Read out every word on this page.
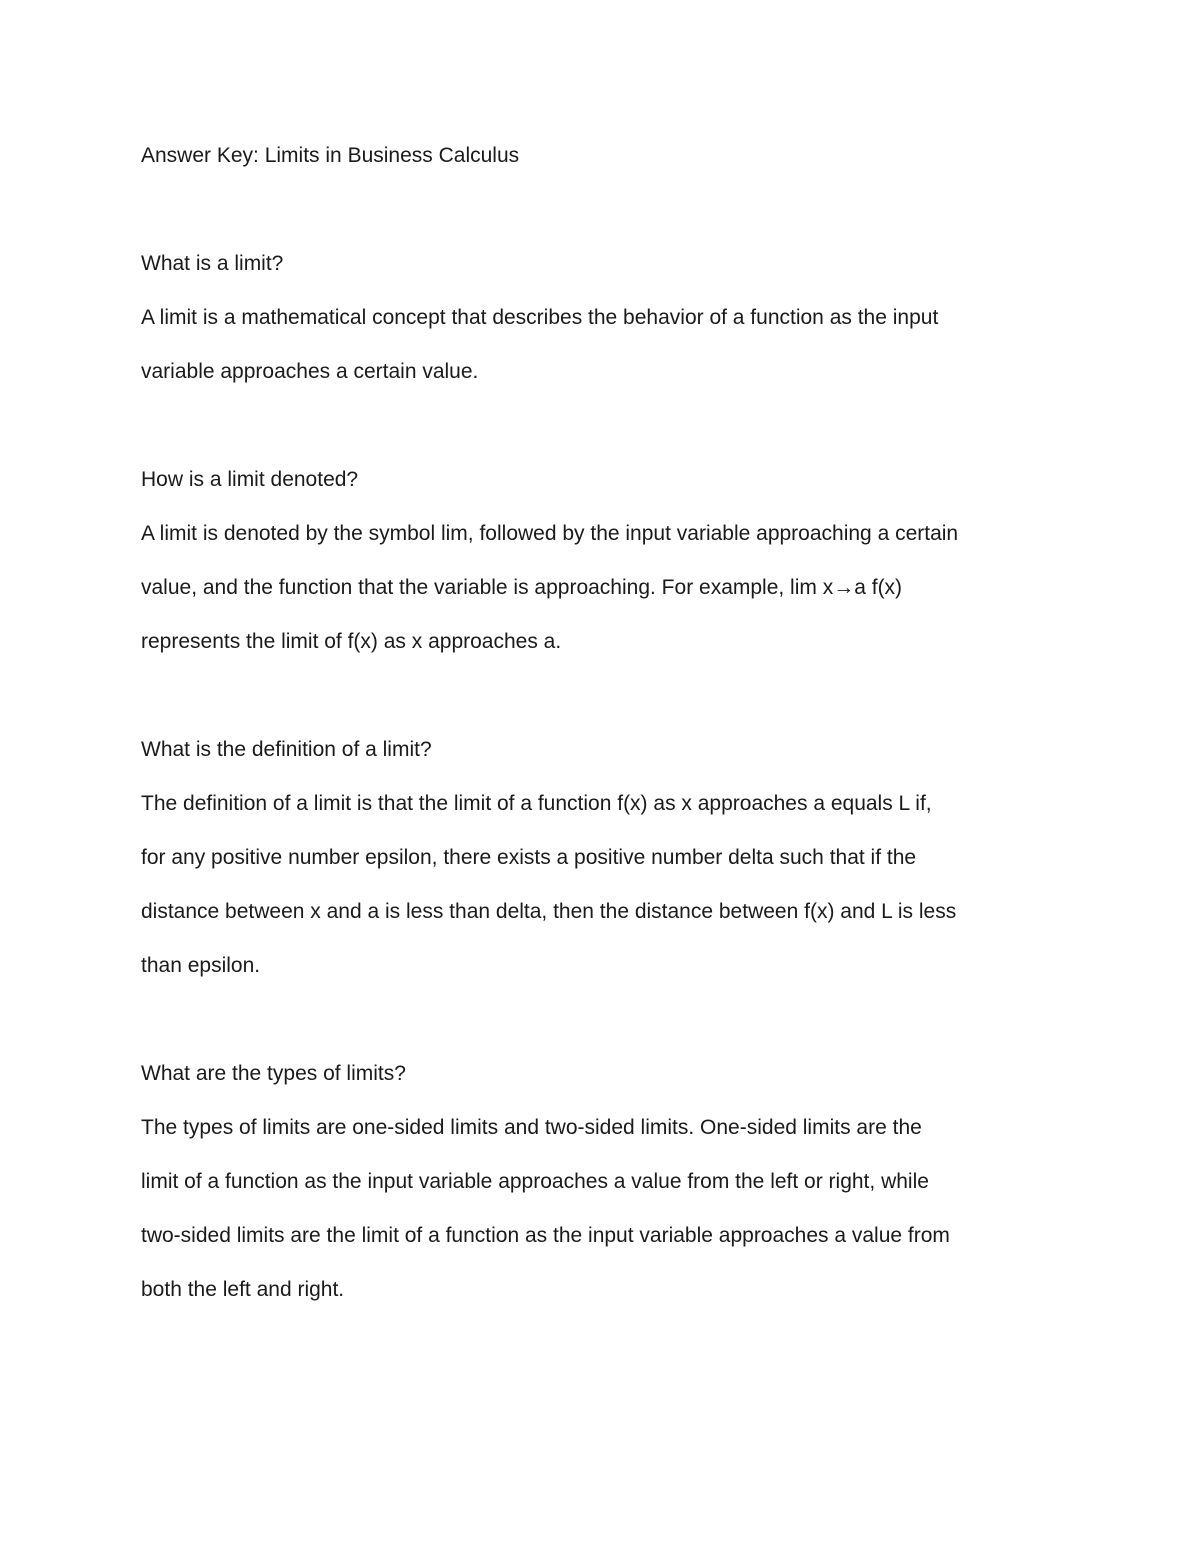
Answer Key: Limits in Business Calculus
What is a limit?
A limit is a mathematical concept that describes the behavior of a function as the input
variable approaches a certain value.
How is a limit denoted?
A limit is denoted by the symbol lim, followed by the input variable approaching a certain
value, and the function that the variable is approaching. For example, lim x→a f(x)
represents the limit of f(x) as x approaches a.
What is the definition of a limit?
The definition of a limit is that the limit of a function f(x) as x approaches a equals L if,
for any positive number epsilon, there exists a positive number delta such that if the
distance between x and a is less than delta, then the distance between f(x) and L is less
than epsilon.
What are the types of limits?
The types of limits are one-sided limits and two-sided limits. One-sided limits are the
limit of a function as the input variable approaches a value from the left or right, while
two-sided limits are the limit of a function as the input variable approaches a value from
both the left and right.
